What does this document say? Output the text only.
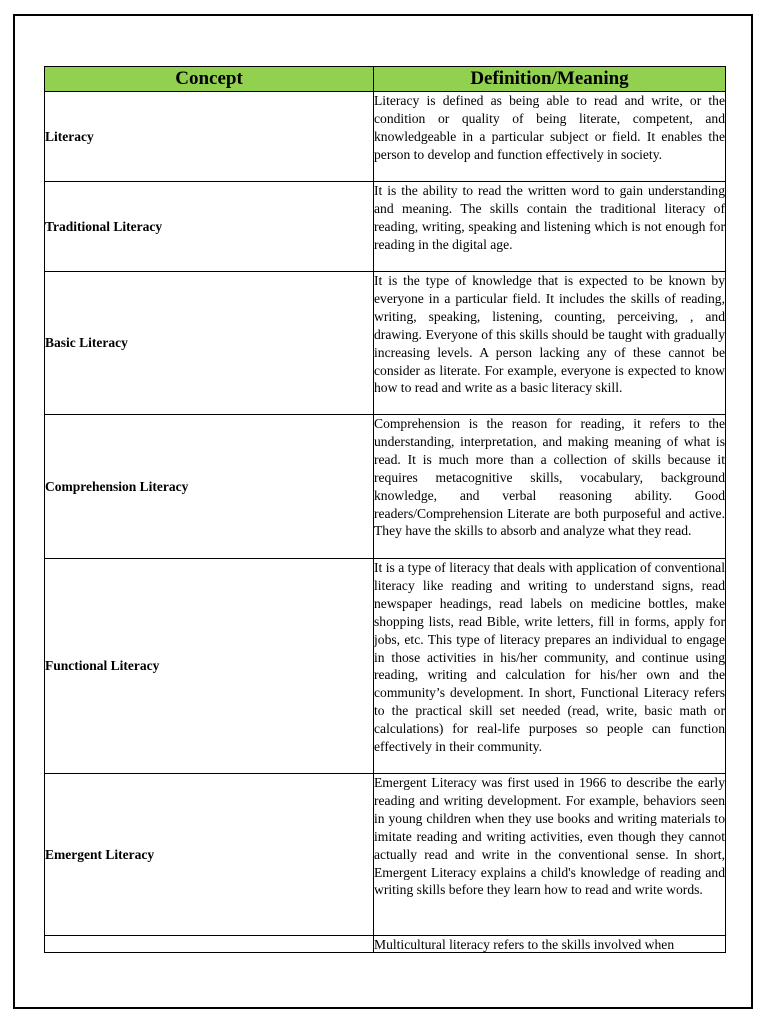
Concept	Definition/Meaning
Literacy	Literacy is defined as being able to read and write, or the condition or quality of being literate, competent, and knowledgeable in a particular subject or field. It enables the person to develop and function effectively in society.

Traditional Literacy	It is the ability to read the written word to gain understanding and meaning. The skills contain the traditional literacy of reading, writing, speaking and listening which is not enough for reading in the digital age.

Basic Literacy	It is the type of knowledge that is expected to be known by everyone in a particular field. It includes the skills of reading, writing, speaking, listening, counting, perceiving, , and drawing. Everyone of this skills should be taught with gradually increasing levels. A person lacking any of these cannot be consider as literate. For example, everyone is expected to know how to read and write as a basic literacy skill.

Comprehension Literacy	Comprehension is the reason for reading, it refers to the understanding, interpretation, and making meaning of what is read. It is much more than a collection of skills because it requires metacognitive skills, vocabulary, background knowledge, and verbal reasoning ability. Good readers/Comprehension Literate are both purposeful and active. They have the skills to absorb and analyze what they read.

Functional Literacy	It is a type of literacy that deals with application of conventional literacy like reading and writing to understand signs, read newspaper headings, read labels on medicine bottles, make shopping lists, read Bible, write letters, fill in forms, apply for jobs, etc. This type of literacy prepares an individual to engage in those activities in his/her community, and continue using reading, writing and calculation for his/her own and the community’s development. In short, Functional Literacy refers to the practical skill set needed (read, write, basic math or calculations) for real-life purposes so people can function effectively in their community.

Emergent Literacy	Emergent Literacy was first used in 1966 to describe the early reading and writing development. For example, behaviors seen in young children when they use books and writing materials to imitate reading and writing activities, even though they cannot actually read and write in the conventional sense. In short, Emergent Literacy explains a child's knowledge of reading and writing skills before they learn how to read and write words.

	Multicultural literacy refers to the skills involved when
